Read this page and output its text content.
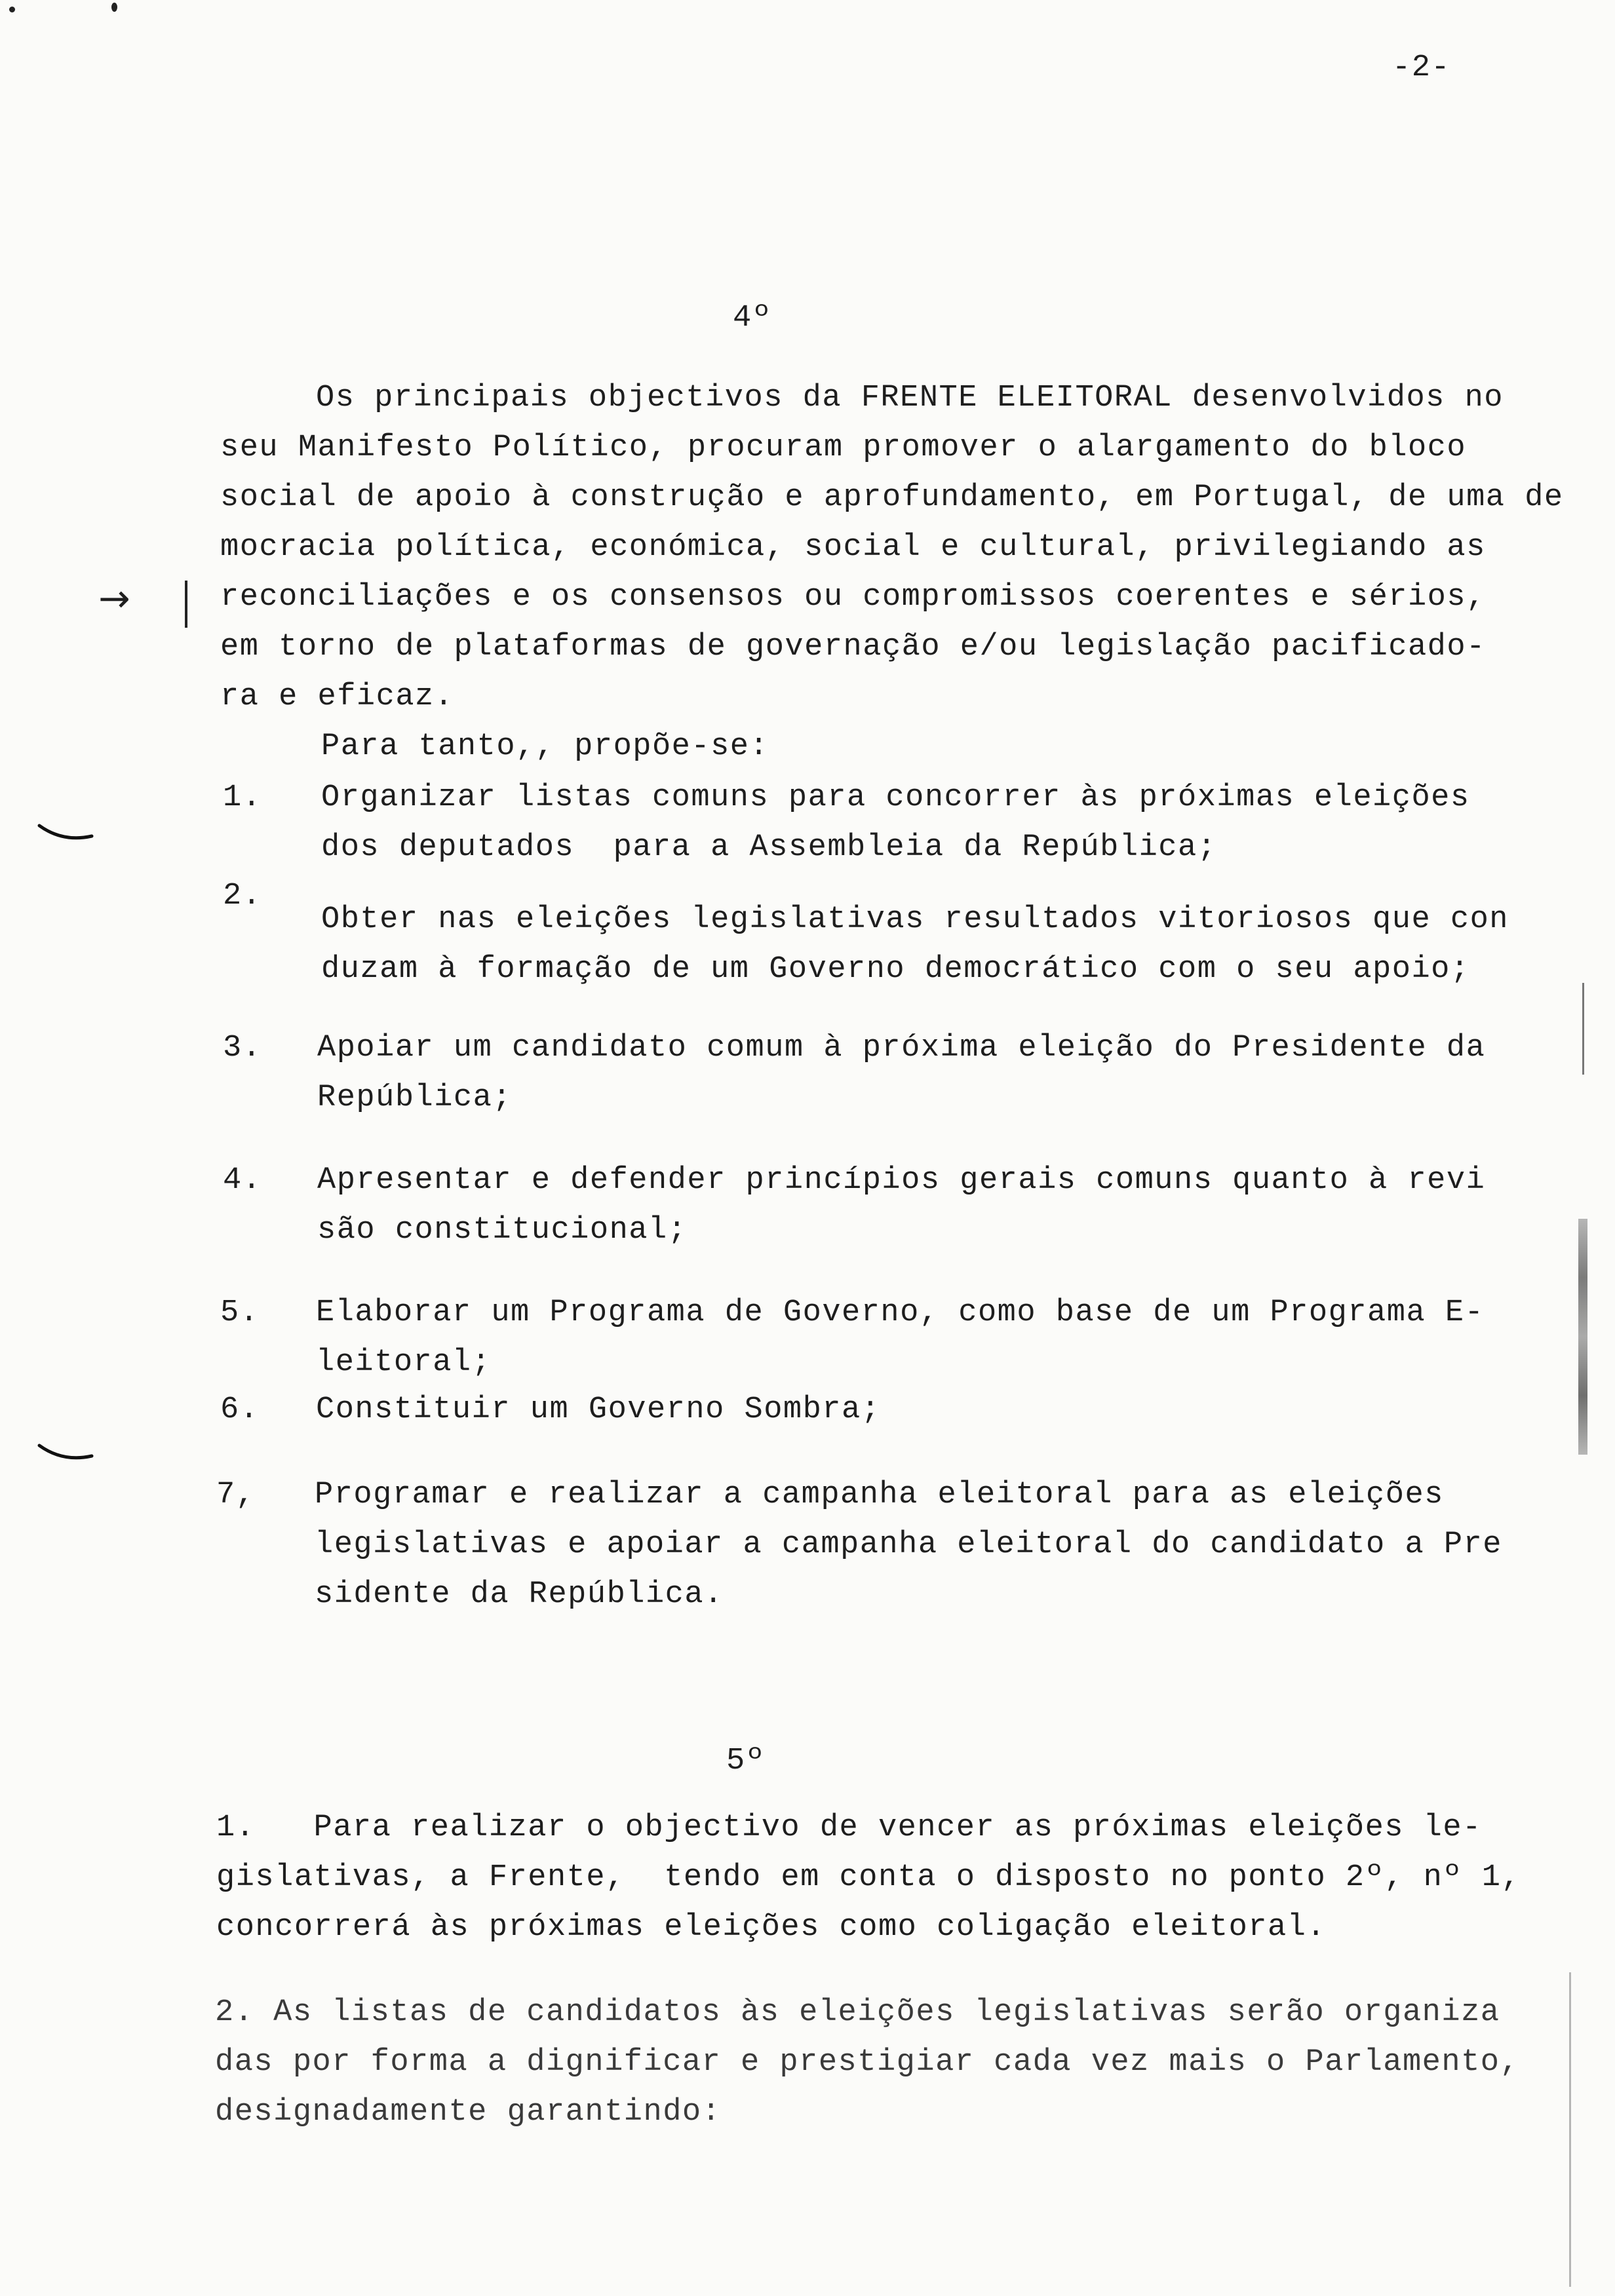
-2-
4º
Os principais objectivos da FRENTE ELEITORAL desenvolvidos no
seu Manifesto Político, procuram promover o alargamento do bloco
social de apoio à construção e aprofundamento, em Portugal, de uma de
mocracia política, económica, social e cultural, privilegiando as
reconciliações e os consensos ou compromissos coerentes e sérios,
em torno de plataformas de governação e/ou legislação pacificado-
ra e eficaz.
→
Para tanto,, propõe-se:
1. Organizar listas comuns para concorrer às próximas eleições
dos deputados  para a Assembleia da República;
2.
Obter nas eleições legislativas resultados vitoriosos que con
duzam à formação de um Governo democrático com o seu apoio;
3. Apoiar um candidato comum à próxima eleição do Presidente da
República;
4. Apresentar e defender princípios gerais comuns quanto à revi
são constitucional;
5. Elaborar um Programa de Governo, como base de um Programa E-
leitoral;
6. Constituir um Governo Sombra;
7, Programar e realizar a campanha eleitoral para as eleições
legislativas e apoiar a campanha eleitoral do candidato a Pre
sidente da República.
5º
1.   Para realizar o objectivo de vencer as próximas eleições le-
gislativas, a Frente,  tendo em conta o disposto no ponto 2º, nº 1,
concorrerá às próximas eleições como coligação eleitoral.
2. As listas de candidatos às eleições legislativas serão organiza
das por forma a dignificar e prestigiar cada vez mais o Parlamento,
designadamente garantindo:
